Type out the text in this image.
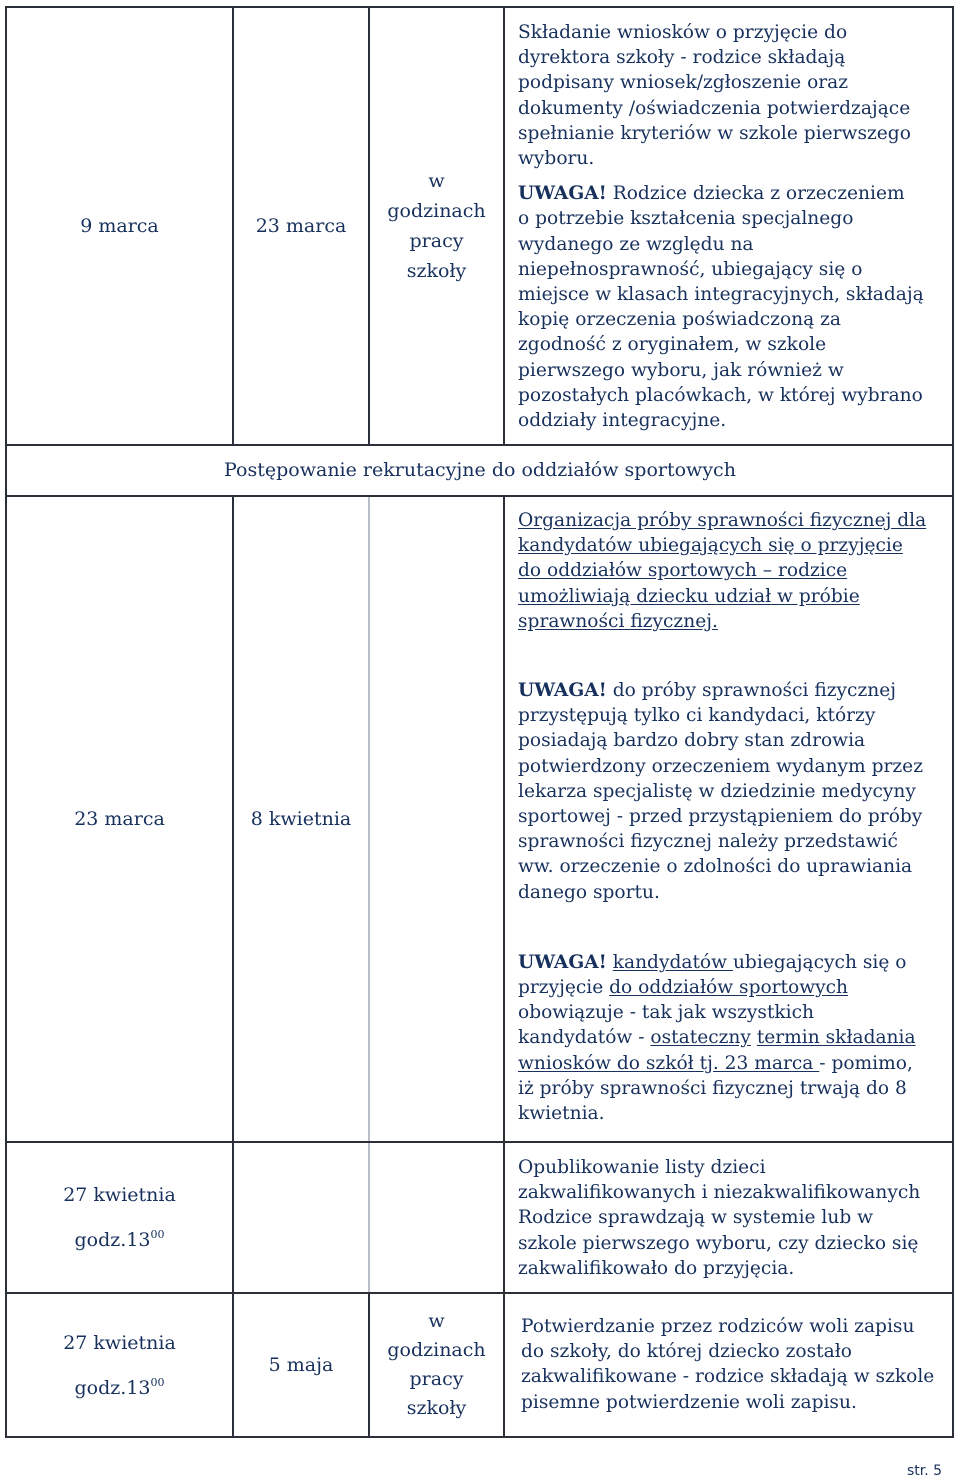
9 marca	23 marca
w
godzinach
pracy
szkoły

Składanie wniosków o przyjęcie do

dyrektora szkoły - rodzice składają

podpisany wniosek/zgłoszenie oraz

dokumenty /oświadczenia potwierdzające

spełnianie kryteriów w szkole pierwszego

wyboru.

UWAGA! Rodzice dziecka z orzeczeniem

o potrzebie kształcenia specjalnego

wydanego ze względu na

niepełnosprawność, ubiegający się o

miejsce w klasach integracyjnych, składają

kopię orzeczenia poświadczoną za

zgodność z oryginałem, w szkole

pierwszego wyboru, jak również w

pozostałych placówkach, w której wybrano

oddziały integracyjne.

Postępowanie rekrutacyjne do oddziałów sportowych
23 marca	8 kwietnia

Organizacja próby sprawności fizycznej dla

kandydatów ubiegających się o przyjęcie

do oddziałów sportowych – rodzice

umożliwiają dziecku udział w próbie

sprawności fizycznej.

UWAGA! do próby sprawności fizycznej

przystępują tylko ci kandydaci, którzy

posiadają bardzo dobry stan zdrowia

potwierdzony orzeczeniem wydanym przez

lekarza specjalistę w dziedzinie medycyny

sportowej - przed przystąpieniem do próby

sprawności fizycznej należy przedstawić

ww. orzeczenie o zdolności do uprawiania

danego sportu.

UWAGA! kandydatów ubiegających się o

przyjęcie do oddziałów sportowych

obowiązuje - tak jak wszystkich

kandydatów - ostateczny termin składania

wniosków do szkół tj. 23 marca - pomimo,

iż próby sprawności fizycznej trwają do 8

kwietnia.

27 kwietnia
$godz.13^{00}$

Opublikowanie listy dzieci

zakwalifikowanych i niezakwalifikowanych

Rodzice sprawdzają w systemie lub w

szkole pierwszego wyboru, czy dziecko się

zakwalifikowało do przyjęcia.

27 kwietnia
$godz.13^{00}$
5 maja
w
godzinach
pracy
szkoły

Potwierdzanie przez rodziców woli zapisu

do szkoły, do której dziecko zostało

zakwalifikowane - rodzice składają w szkole

pisemne potwierdzenie woli zapisu.

str. 5
